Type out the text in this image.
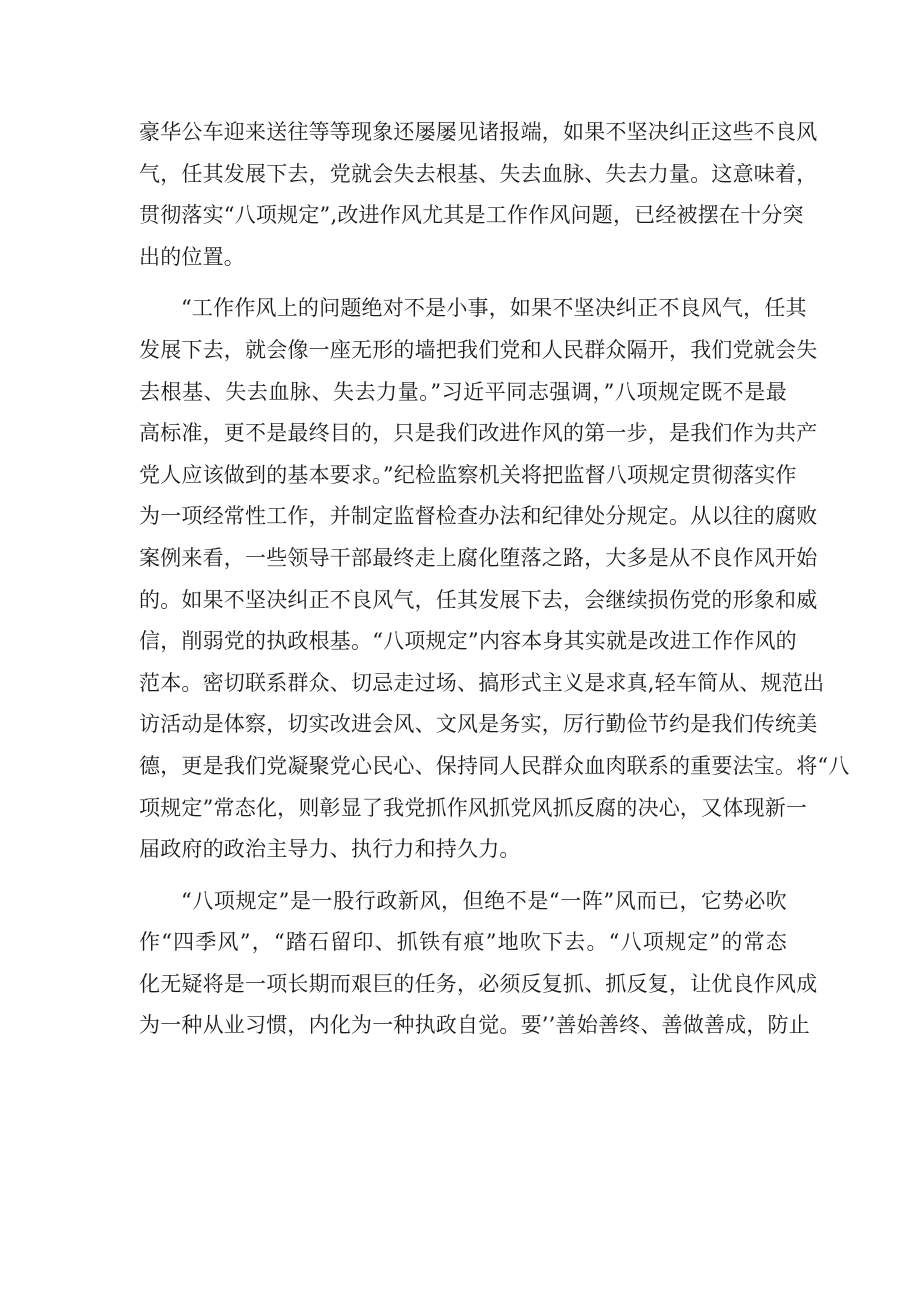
豪华公车迎来送往等等现象还屡屡见诸报端，如果不坚决纠正这些不良风
气，任其发展下去，党就会失去根基、失去血脉、失去力量。这意味着，
贯彻落实“八项规定”,改进作风尤其是工作作风问题，已经被摆在十分突
出的位置。
“工作作风上的问题绝对不是小事，如果不坚决纠正不良风气，任其
发展下去，就会像一座无形的墙把我们党和人民群众隔开，我们党就会失
去根基、失去血脉、失去力量。”习近平同志强调，”八项规定既不是最
高标准，更不是最终目的，只是我们改进作风的第一步，是我们作为共产
党人应该做到的基本要求。”纪检监察机关将把监督八项规定贯彻落实作
为一项经常性工作，并制定监督检查办法和纪律处分规定。从以往的腐败
案例来看，一些领导干部最终走上腐化堕落之路，大多是从不良作风开始
的。如果不坚决纠正不良风气，任其发展下去，会继续损伤党的形象和威
信，削弱党的执政根基。“八项规定”内容本身其实就是改进工作作风的
范本。密切联系群众、切忌走过场、搞形式主义是求真,轻车简从、规范出
访活动是体察，切实改进会风、文风是务实，厉行勤俭节约是我们传统美
德，更是我们党凝聚党心民心、保持同人民群众血肉联系的重要法宝。将“八
项规定”常态化，则彰显了我党抓作风抓党风抓反腐的决心，又体现新一
届政府的政治主导力、执行力和持久力。
“八项规定”是一股行政新风，但绝不是“一阵”风而已，它势必吹
作“四季风”，“踏石留印、抓铁有痕”地吹下去。“八项规定”的常态
化无疑将是一项长期而艰巨的任务，必须反复抓、抓反复，让优良作风成
为一种从业习惯，内化为一种执政自觉。要’’善始善终、善做善成，防止
